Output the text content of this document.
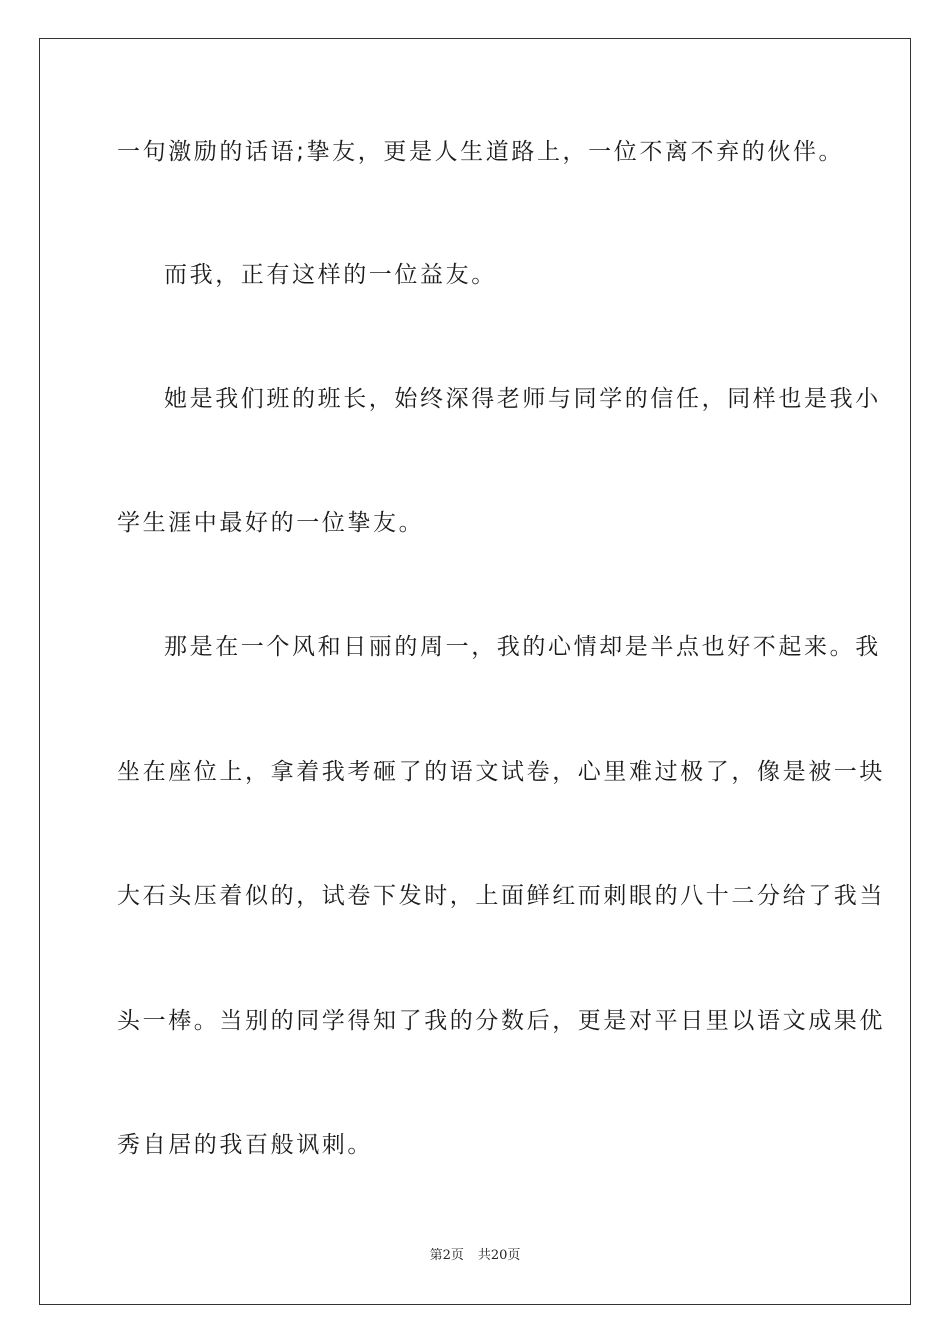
一句激励的话语;挚友，更是人生道路上，一位不离不弃的伙伴。
而我，正有这样的一位益友。
她是我们班的班长，始终深得老师与同学的信任，同样也是我小
学生涯中最好的一位挚友。
那是在一个风和日丽的周一，我的心情却是半点也好不起来。我
坐在座位上，拿着我考砸了的语文试卷，心里难过极了，像是被一块
大石头压着似的，试卷下发时，上面鲜红而刺眼的八十二分给了我当
头一棒。当别的同学得知了我的分数后，更是对平日里以语文成果优
秀自居的我百般讽刺。
第2页 共20页
